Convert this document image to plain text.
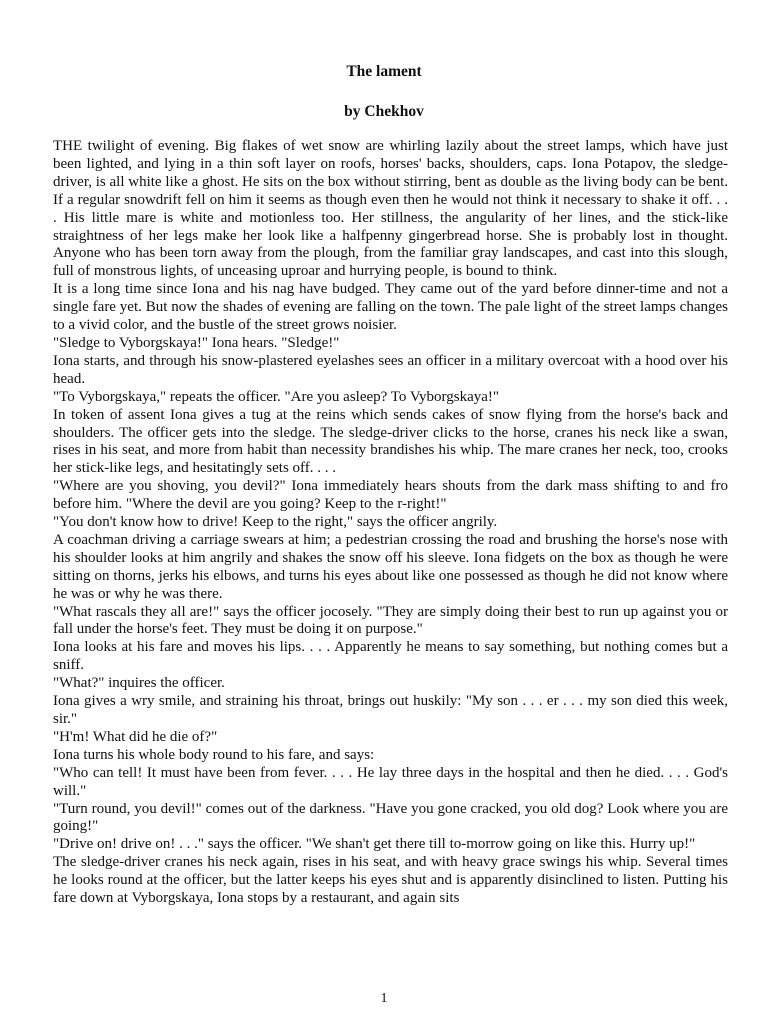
The lament
by Chekhov

THE twilight of evening. Big flakes of wet snow are whirling lazily about the street lamps, which have just been lighted, and lying in a thin soft layer on roofs, horses' backs, shoulders, caps. Iona Potapov, the sledge-driver, is all white like a ghost. He sits on the box without stirring, bent as double as the living body can be bent. If a regular snowdrift fell on him it seems as though even then he would not think it necessary to shake it off. . . . His little mare is white and motionless too. Her stillness, the angularity of her lines, and the stick-like straightness of her legs make her look like a halfpenny gingerbread horse. She is probably lost in thought. Anyone who has been torn away from the plough, from the familiar gray landscapes, and cast into this slough, full of monstrous lights, of unceasing uproar and hurrying people, is bound to think.

It is a long time since Iona and his nag have budged. They came out of the yard before dinner-time and not a single fare yet. But now the shades of evening are falling on the town. The pale light of the street lamps changes to a vivid color, and the bustle of the street grows noisier.

"Sledge to Vyborgskaya!" Iona hears. "Sledge!"

Iona starts, and through his snow-plastered eyelashes sees an officer in a military overcoat with a hood over his head.

"To Vyborgskaya," repeats the officer. "Are you asleep? To Vyborgskaya!"

In token of assent Iona gives a tug at the reins which sends cakes of snow flying from the horse's back and shoulders. The officer gets into the sledge. The sledge-driver clicks to the horse, cranes his neck like a swan, rises in his seat, and more from habit than necessity brandishes his whip. The mare cranes her neck, too, crooks her stick-like legs, and hesitatingly sets off. . . .

"Where are you shoving, you devil?" Iona immediately hears shouts from the dark mass shifting to and fro before him. "Where the devil are you going? Keep to the r-right!"

"You don't know how to drive! Keep to the right," says the officer angrily.

A coachman driving a carriage swears at him; a pedestrian crossing the road and brushing the horse's nose with his shoulder looks at him angrily and shakes the snow off his sleeve. Iona fidgets on the box as though he were sitting on thorns, jerks his elbows, and turns his eyes about like one possessed as though he did not know where he was or why he was there.

"What rascals they all are!" says the officer jocosely. "They are simply doing their best to run up against you or fall under the horse's feet. They must be doing it on purpose."

Iona looks at his fare and moves his lips. . . . Apparently he means to say something, but nothing comes but a sniff.

"What?" inquires the officer.

Iona gives a wry smile, and straining his throat, brings out huskily: "My son . . . er . . . my son died this week, sir."

"H'm! What did he die of?"

Iona turns his whole body round to his fare, and says:

"Who can tell! It must have been from fever. . . . He lay three days in the hospital and then he died. . . . God's will."

"Turn round, you devil!" comes out of the darkness. "Have you gone cracked, you old dog? Look where you are going!"

"Drive on! drive on! . . ." says the officer. "We shan't get there till to-morrow going on like this. Hurry up!"

The sledge-driver cranes his neck again, rises in his seat, and with heavy grace swings his whip. Several times he looks round at the officer, but the latter keeps his eyes shut and is apparently disinclined to listen. Putting his fare down at Vyborgskaya, Iona stops by a restaurant, and again sits

1
